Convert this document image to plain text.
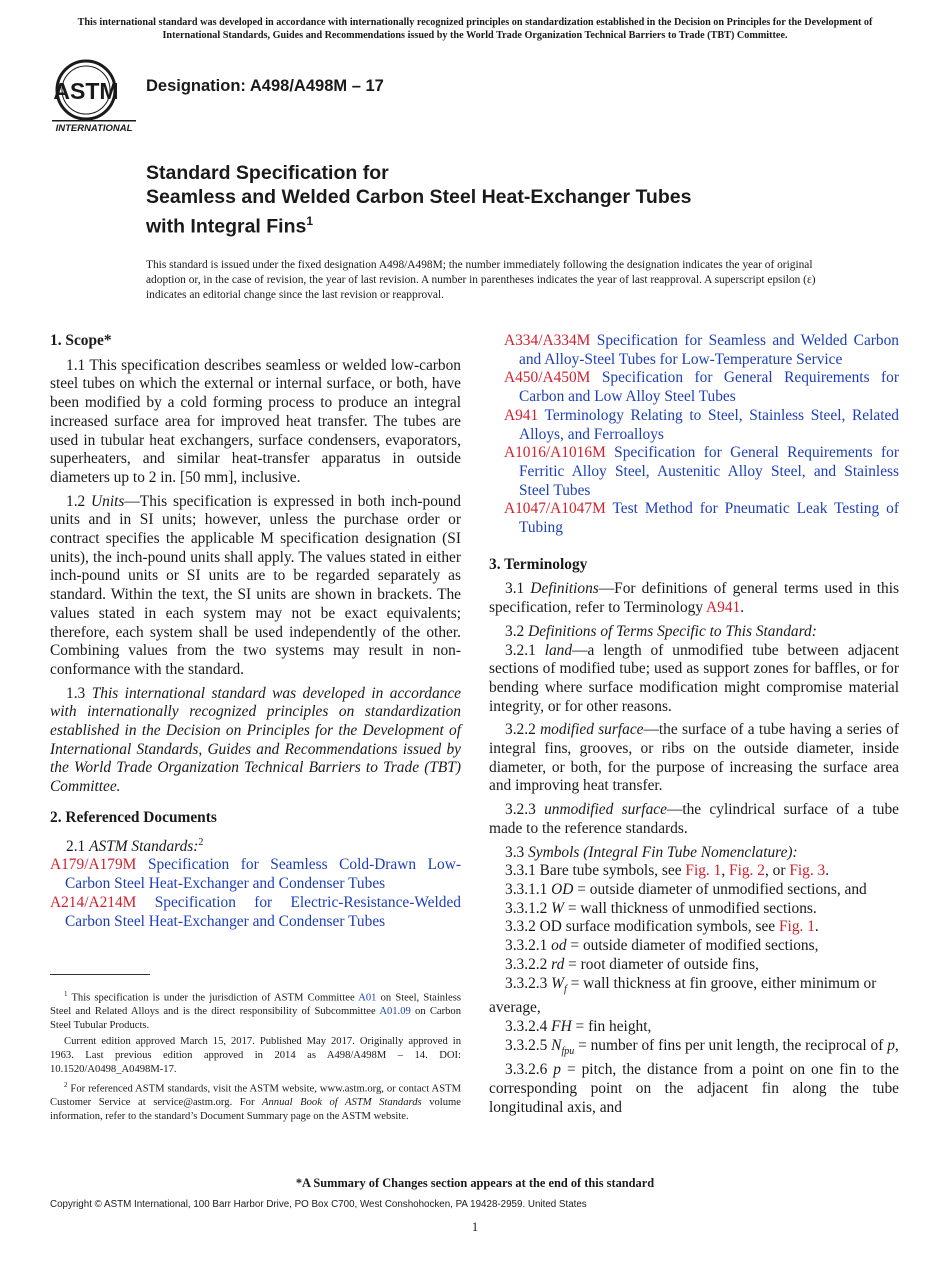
This international standard was developed in accordance with internationally recognized principles on standardization established in the Decision on Principles for the Development of International Standards, Guides and Recommendations issued by the World Trade Organization Technical Barriers to Trade (TBT) Committee.
ASTM
INTERNATIONAL
Designation: A498/A498M – 17
Standard Specification for
Seamless and Welded Carbon Steel Heat-Exchanger Tubes
with Integral Fins$^1$
This standard is issued under the fixed designation A498/A498M; the number immediately following the designation indicates the year of original adoption or, in the case of revision, the year of last revision. A number in parentheses indicates the year of last reapproval. A superscript epsilon (ε) indicates an editorial change since the last revision or reapproval.
1. Scope*

1.1 This specification describes seamless or welded low-carbon steel tubes on which the external or internal surface, or both, have been modified by a cold forming process to produce an integral increased surface area for improved heat transfer. The tubes are used in tubular heat exchangers, surface condensers, evaporators, superheaters, and similar heat-transfer apparatus in outside diameters up to 2 in. [50 mm], inclusive.

1.2 Units—This specification is expressed in both inch-pound units and in SI units; however, unless the purchase order or contract specifies the applicable M specification designation (SI units), the inch-pound units shall apply. The values stated in either inch-pound units or SI units are to be regarded separately as standard. Within the text, the SI units are shown in brackets. The values stated in each system may not be exact equivalents; therefore, each system shall be used independently of the other. Combining values from the two systems may result in non-conformance with the standard.

1.3 This international standard was developed in accordance with internationally recognized principles on standardization established in the Decision on Principles for the Development of International Standards, Guides and Recommendations issued by the World Trade Organization Technical Barriers to Trade (TBT) Committee.

2. Referenced Documents

2.1 ASTM Standards:$^2$

A179/A179M Specification for Seamless Cold-Drawn Low-Carbon Steel Heat-Exchanger and Condenser Tubes
A214/A214M Specification for Electric-Resistance-Welded Carbon Steel Heat-Exchanger and Condenser Tubes

$^1$ This specification is under the jurisdiction of ASTM Committee A01 on Steel, Stainless Steel and Related Alloys and is the direct responsibility of Subcommittee A01.09 on Carbon Steel Tubular Products.

Current edition approved March 15, 2017. Published May 2017. Originally approved in 1963. Last previous edition approved in 2014 as A498/A498M – 14. DOI: 10.1520/A0498_A0498M-17.

$^2$ For referenced ASTM standards, visit the ASTM website, www.astm.org, or contact ASTM Customer Service at service@astm.org. For Annual Book of ASTM Standards volume information, refer to the standard’s Document Summary page on the ASTM website.

A334/A334M Specification for Seamless and Welded Carbon and Alloy-Steel Tubes for Low-Temperature Service
A450/A450M Specification for General Requirements for Carbon and Low Alloy Steel Tubes
A941 Terminology Relating to Steel, Stainless Steel, Related Alloys, and Ferroalloys
A1016/A1016M Specification for General Requirements for Ferritic Alloy Steel, Austenitic Alloy Steel, and Stainless Steel Tubes
A1047/A1047M Test Method for Pneumatic Leak Testing of Tubing
3. Terminology

3.1 Definitions—For definitions of general terms used in this specification, refer to Terminology A941.

3.2 Definitions of Terms Specific to This Standard:

3.2.1 land—a length of unmodified tube between adjacent sections of modified tube; used as support zones for baffles, or for bending where surface modification might compromise material integrity, or for other reasons.

3.2.2 modified surface—the surface of a tube having a series of integral fins, grooves, or ribs on the outside diameter, inside diameter, or both, for the purpose of increasing the surface area and improving heat transfer.

3.2.3 unmodified surface—the cylindrical surface of a tube made to the reference standards.

3.3 Symbols (Integral Fin Tube Nomenclature):

3.3.1 Bare tube symbols, see Fig. 1, Fig. 2, or Fig. 3.

3.3.1.1 OD = outside diameter of unmodified sections, and

3.3.1.2 W = wall thickness of unmodified sections.

3.3.2 OD surface modification symbols, see Fig. 1.

3.3.2.1 od = outside diameter of modified sections,

3.3.2.2 rd = root diameter of outside fins,

3.3.2.3 $W_f$ = wall thickness at fin groove, either minimum or average,

3.3.2.4 FH = fin height,

3.3.2.5 $N_{fpu}$ = number of fins per unit length, the reciprocal of p,

3.3.2.6 p = pitch, the distance from a point on one fin to the corresponding point on the adjacent fin along the tube longitudinal axis, and

*A Summary of Changes section appears at the end of this standard
Copyright © ASTM International, 100 Barr Harbor Drive, PO Box C700, West Conshohocken, PA 19428-2959. United States
1
